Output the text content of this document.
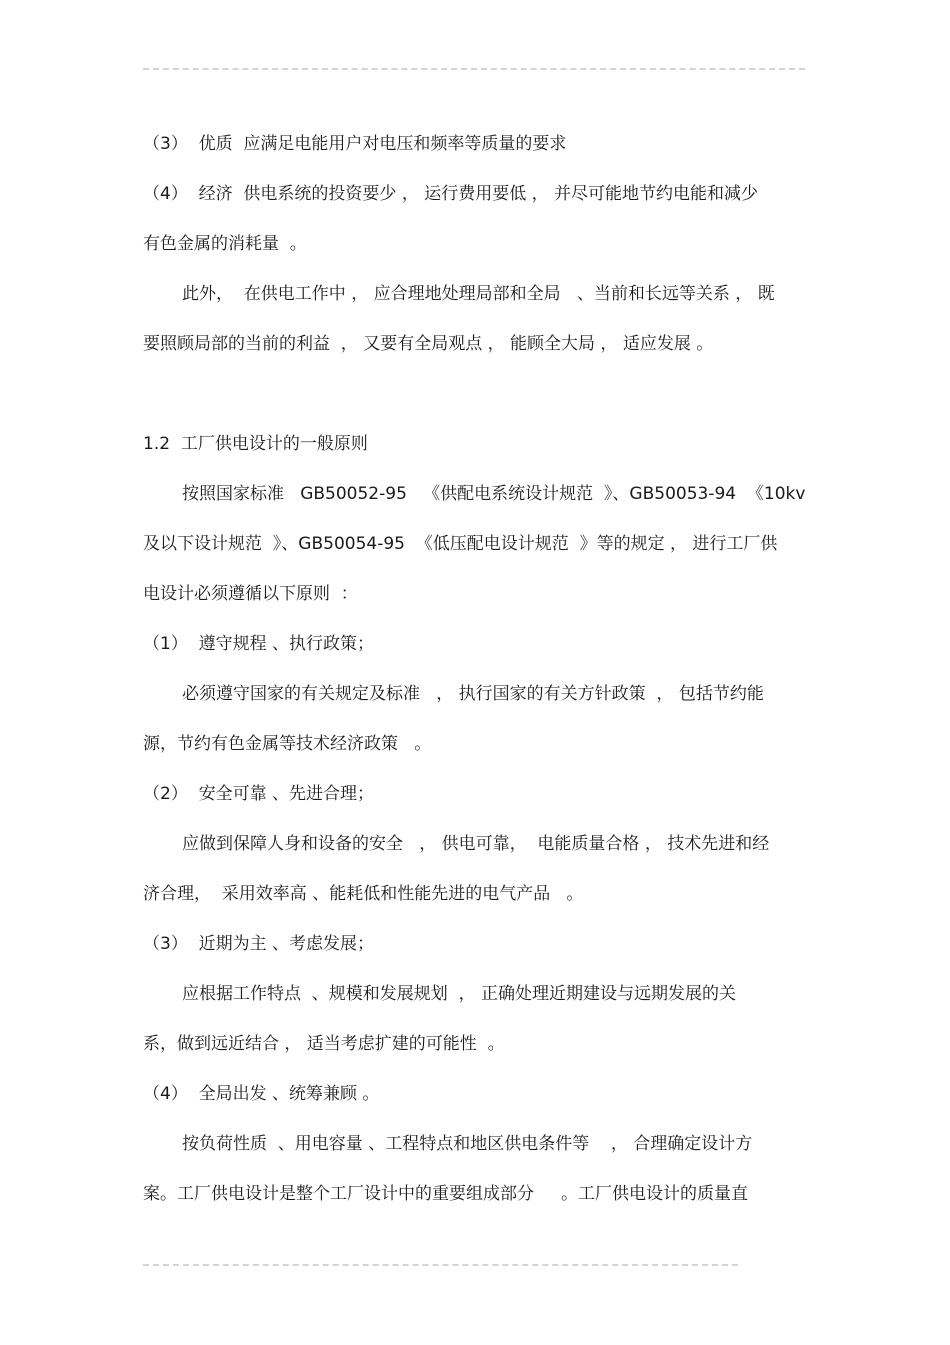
（3）  优质  应满足电能用户对电压和频率等质量的要求
（4）  经济  供电系统的投资要少 ， 运行费用要低 ， 并尽可能地节约电能和减少
有色金属的消耗量  。
此外，  在供电工作中 ， 应合理地处理局部和全局   、当前和长远等关系 ， 既
要照顾局部的当前的利益  ， 又要有全局观点 ， 能顾全大局 ， 适应发展 。
1.2  工厂供电设计的一般原则
按照国家标准   GB50052-95   《供配电系统设计规范  》、GB50053-94  《10kv
及以下设计规范  》、GB50054-95  《低压配电设计规范  》等的规定 ， 进行工厂供
电设计必须遵循以下原则  ：
（1）  遵守规程 、执行政策；
必须遵守国家的有关规定及标准   ， 执行国家的有关方针政策  ， 包括节约能
源，节约有色金属等技术经济政策   。
（2）  安全可靠 、先进合理；
应做到保障人身和设备的安全   ， 供电可靠，  电能质量合格 ， 技术先进和经
济合理，  采用效率高 、能耗低和性能先进的电气产品   。
（3）  近期为主 、考虑发展；
应根据工作特点  、规模和发展规划  ， 正确处理近期建设与远期发展的关
系，做到远近结合 ， 适当考虑扩建的可能性  。
（4）  全局出发 、统筹兼顾 。
按负荷性质  、用电容量 、工程特点和地区供电条件等    ， 合理确定设计方
案。工厂供电设计是整个工厂设计中的重要组成部分     。工厂供电设计的质量直
